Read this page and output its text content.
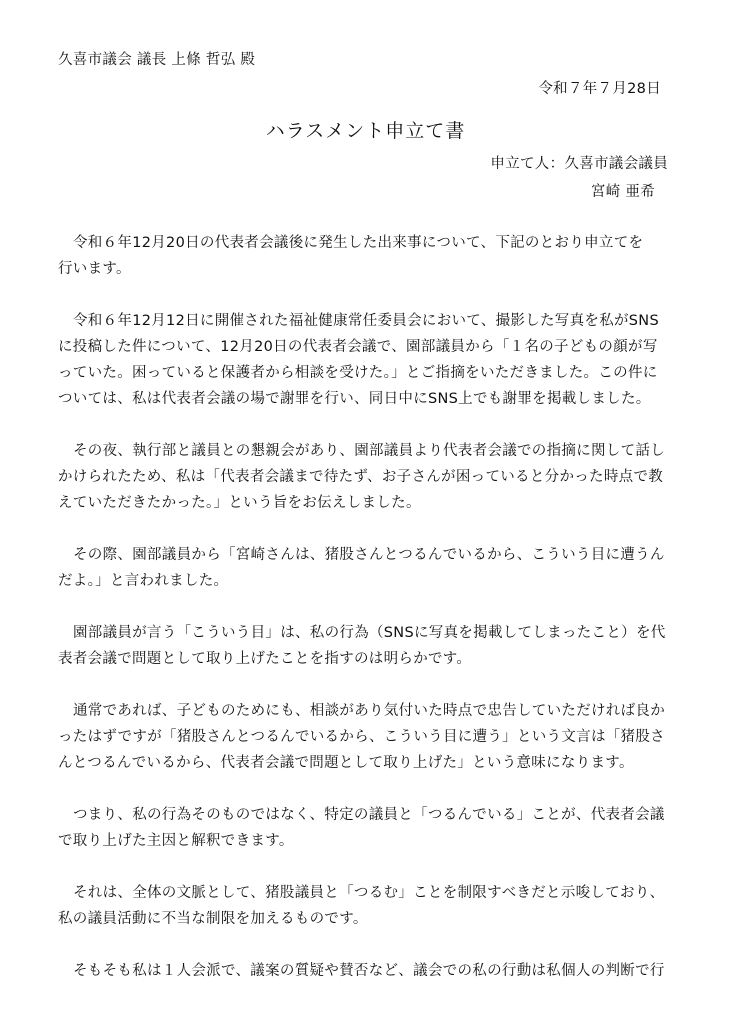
久喜市議会 議長 上條 哲弘 殿
令和７年７月28日
ハラスメント申立て書
申立て人：久喜市議会議員
宮崎 亜希
令和６年12月20日の代表者会議後に発生した出来事について、下記のとおり申立てを
行います。
令和６年12月12日に開催された福祉健康常任委員会において、撮影した写真を私がSNS
に投稿した件について、12月20日の代表者会議で、園部議員から「１名の子どもの顔が写
っていた。困っていると保護者から相談を受けた。」とご指摘をいただきました。この件に
ついては、私は代表者会議の場で謝罪を行い、同日中にSNS上でも謝罪を掲載しました。
その夜、執行部と議員との懇親会があり、園部議員より代表者会議での指摘に関して話し
かけられたため、私は「代表者会議まで待たず、お子さんが困っていると分かった時点で教
えていただきたかった。」という旨をお伝えしました。
その際、園部議員から「宮崎さんは、猪股さんとつるんでいるから、こういう目に遭うん
だよ。」と言われました。
園部議員が言う「こういう目」は、私の行為（SNSに写真を掲載してしまったこと）を代
表者会議で問題として取り上げたことを指すのは明らかです。
通常であれば、子どものためにも、相談があり気付いた時点で忠告していただければ良か
ったはずですが「猪股さんとつるんでいるから、こういう目に遭う」という文言は「猪股さ
んとつるんでいるから、代表者会議で問題として取り上げた」という意味になります。
つまり、私の行為そのものではなく、特定の議員と「つるんでいる」ことが、代表者会議
で取り上げた主因と解釈できます。
それは、全体の文脈として、猪股議員と「つるむ」ことを制限すべきだと示唆しており、
私の議員活動に不当な制限を加えるものです。
そもそも私は１人会派で、議案の質疑や賛否など、議会での私の行動は私個人の判断で行
